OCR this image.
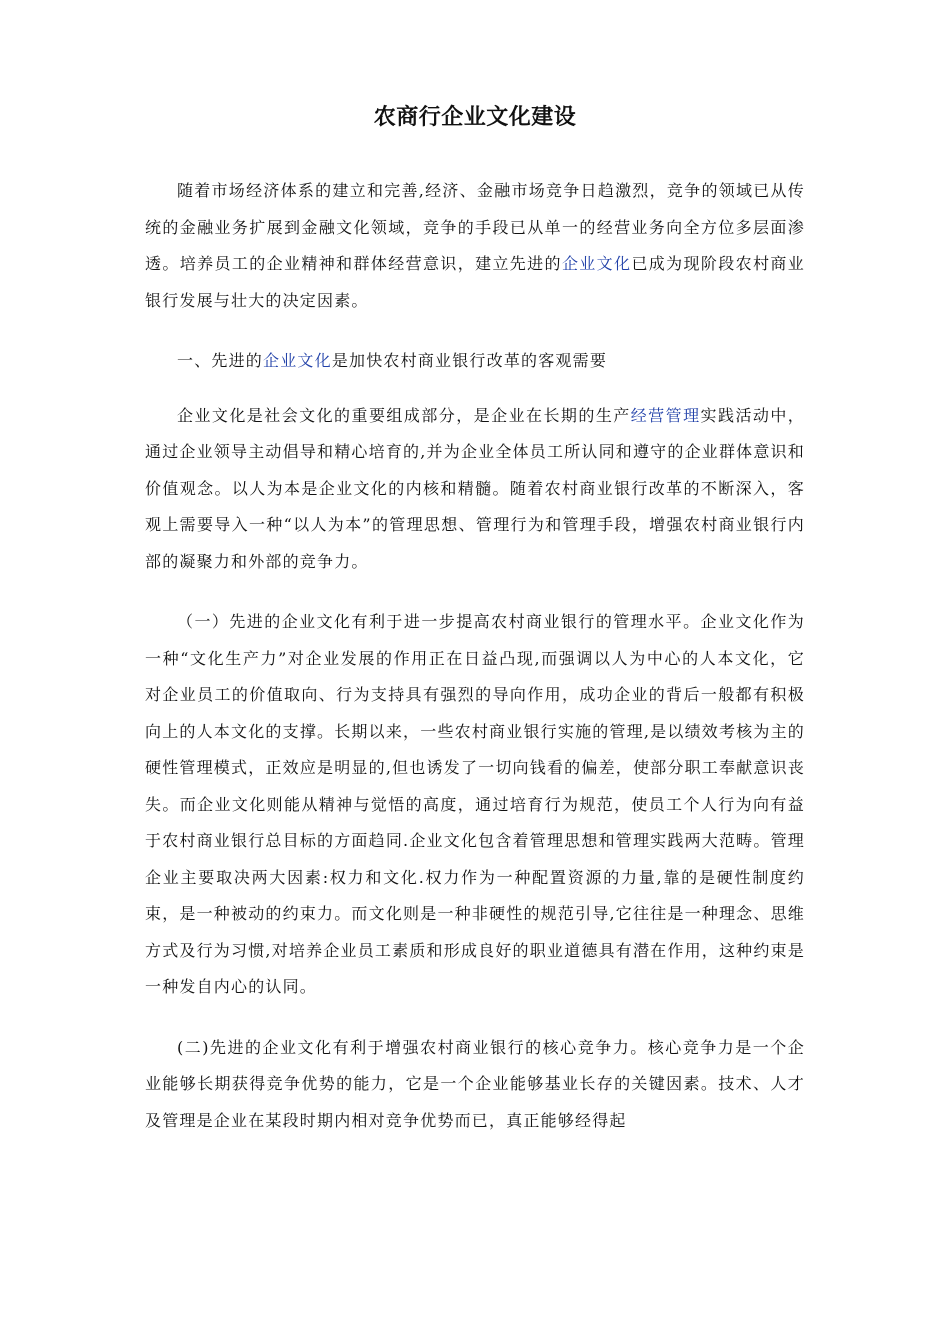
农商行企业文化建设

随着市场经济体系的建立和完善,经济、金融市场竞争日趋激烈，竞争的领域已从传统的金融业务扩展到金融文化领域，竞争的手段已从单一的经营业务向全方位多层面渗透。培养员工的企业精神和群体经营意识，建立先进的企业文化已成为现阶段农村商业银行发展与壮大的决定因素。

一、先进的企业文化是加快农村商业银行改革的客观需要

企业文化是社会文化的重要组成部分，是企业在长期的生产经营管理实践活动中，通过企业领导主动倡导和精心培育的,并为企业全体员工所认同和遵守的企业群体意识和价值观念。以人为本是企业文化的内核和精髓。随着农村商业银行改革的不断深入，客观上需要导入一种“以人为本”的管理思想、管理行为和管理手段，增强农村商业银行内部的凝聚力和外部的竞争力。

（一）先进的企业文化有利于进一步提高农村商业银行的管理水平。企业文化作为一种“文化生产力”对企业发展的作用正在日益凸现,而强调以人为中心的人本文化，它对企业员工的价值取向、行为支持具有强烈的导向作用，成功企业的背后一般都有积极向上的人本文化的支撑。长期以来，一些农村商业银行实施的管理,是以绩效考核为主的硬性管理模式，正效应是明显的,但也诱发了一切向钱看的偏差，使部分职工奉献意识丧失。而企业文化则能从精神与觉悟的高度，通过培育行为规范，使员工个人行为向有益于农村商业银行总目标的方面趋同.企业文化包含着管理思想和管理实践两大范畴。管理企业主要取决两大因素:权力和文化.权力作为一种配置资源的力量,靠的是硬性制度约束，是一种被动的约束力。而文化则是一种非硬性的规范引导,它往往是一种理念、思维方式及行为习惯,对培养企业员工素质和形成良好的职业道德具有潜在作用，这种约束是一种发自内心的认同。

(二)先进的企业文化有利于增强农村商业银行的核心竞争力。核心竞争力是一个企业能够长期获得竞争优势的能力，它是一个企业能够基业长存的关键因素。技术、人才及管理是企业在某段时期内相对竞争优势而已，真正能够经得起
